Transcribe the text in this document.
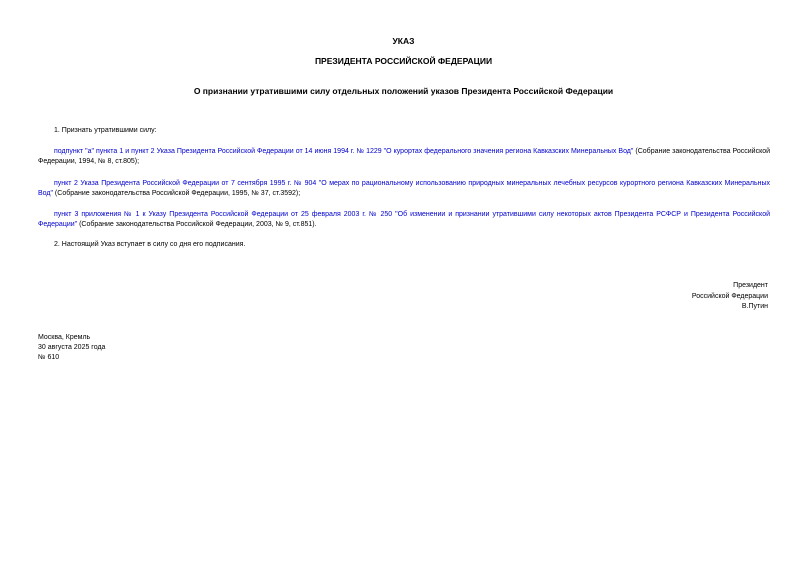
УКАЗ
ПРЕЗИДЕНТА РОССИЙСКОЙ ФЕДЕРАЦИИ
О признании утратившими силу отдельных положений указов Президента Российской Федерации
1. Признать утратившими силу:
подпункт "а" пункта 1 и пункт 2 Указа Президента Российской Федерации от 14 июня 1994 г. № 1229 "О курортах федерального значения региона Кавказских Минеральных Вод" (Собрание законодательства Российской Федерации, 1994, № 8, ст.805);
пункт 2 Указа Президента Российской Федерации от 7 сентября 1995 г. № 904 "О мерах по рациональному использованию природных минеральных лечебных ресурсов курортного региона Кавказских Минеральных Вод" (Собрание законодательства Российской Федерации, 1995, № 37, ст.3592);
пункт 3 приложения № 1 к Указу Президента Российской Федерации от 25 февраля 2003 г. № 250 "Об изменении и признании утратившими силу некоторых актов Президента РСФСР и Президента Российской Федерации" (Собрание законодательства Российской Федерации, 2003, № 9, ст.851).
2. Настоящий Указ вступает в силу со дня его подписания.
Президент
Российской Федерации
В.Путин
Москва, Кремль
30 августа 2025 года
№ 610
